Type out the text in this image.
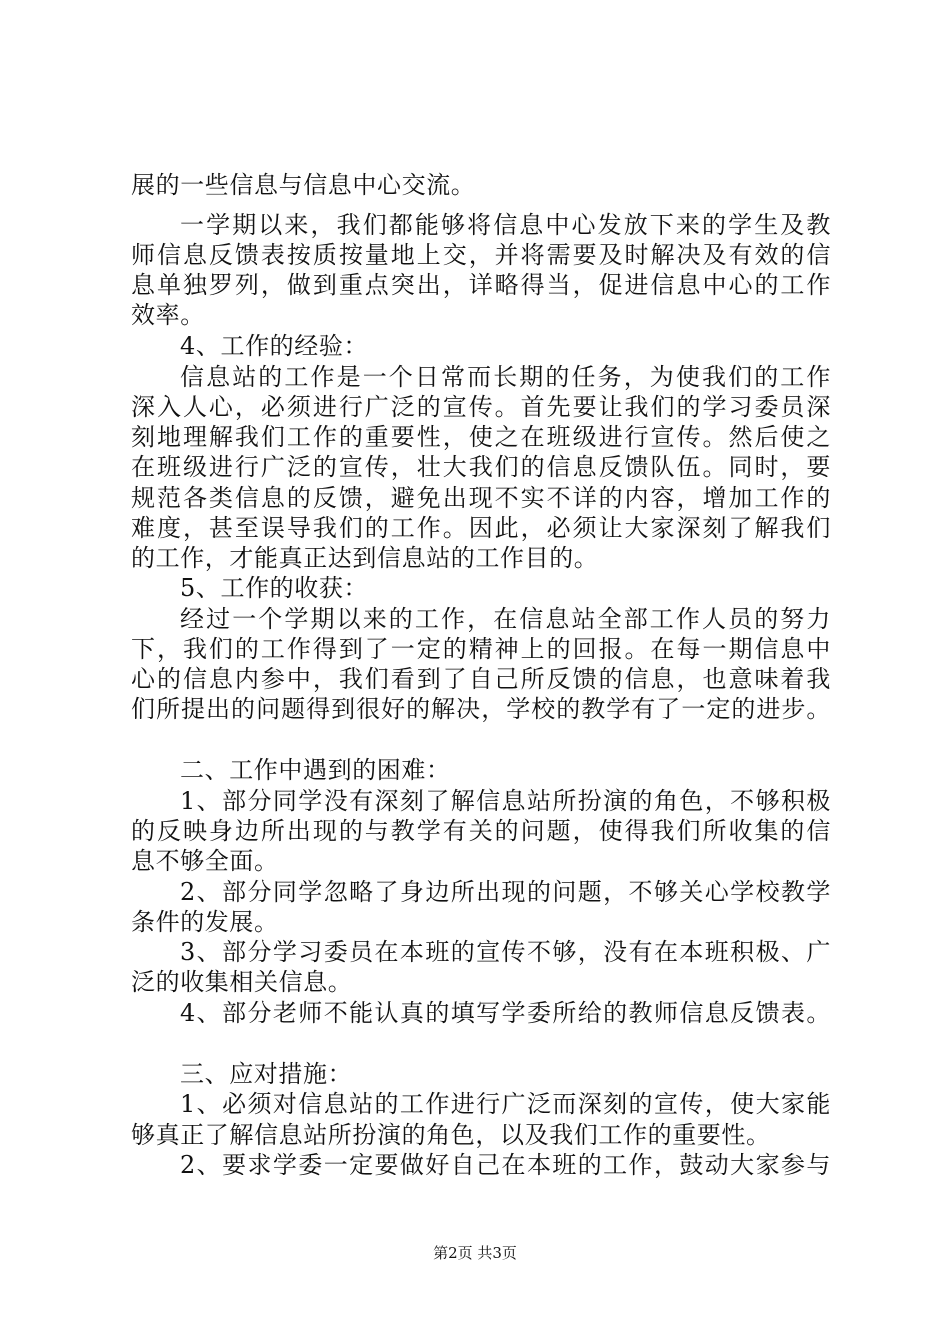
展的一些信息与信息中心交流。
一学期以来，我们都能够将信息中心发放下来的学生及教
师信息反馈表按质按量地上交，并将需要及时解决及有效的信
息单独罗列，做到重点突出，详略得当，促进信息中心的工作
效率。
4、工作的经验：
信息站的工作是一个日常而长期的任务，为使我们的工作
深入人心，必须进行广泛的宣传。首先要让我们的学习委员深
刻地理解我们工作的重要性，使之在班级进行宣传。然后使之
在班级进行广泛的宣传，壮大我们的信息反馈队伍。同时，要
规范各类信息的反馈，避免出现不实不详的内容，增加工作的
难度，甚至误导我们的工作。因此，必须让大家深刻了解我们
的工作，才能真正达到信息站的工作目的。
5、工作的收获：
经过一个学期以来的工作，在信息站全部工作人员的努力
下，我们的工作得到了一定的精神上的回报。在每一期信息中
心的信息内参中，我们看到了自己所反馈的信息，也意味着我
们所提出的问题得到很好的解决，学校的教学有了一定的进步。
二、工作中遇到的困难：
1、部分同学没有深刻了解信息站所扮演的角色，不够积极
的反映身边所出现的与教学有关的问题，使得我们所收集的信
息不够全面。
2、部分同学忽略了身边所出现的问题，不够关心学校教学
条件的发展。
3、部分学习委员在本班的宣传不够，没有在本班积极、广
泛的收集相关信息。
4、部分老师不能认真的填写学委所给的教师信息反馈表。
三、应对措施：
1、必须对信息站的工作进行广泛而深刻的宣传，使大家能
够真正了解信息站所扮演的角色，以及我们工作的重要性。
2、要求学委一定要做好自己在本班的工作，鼓动大家参与
第2页 共3页
